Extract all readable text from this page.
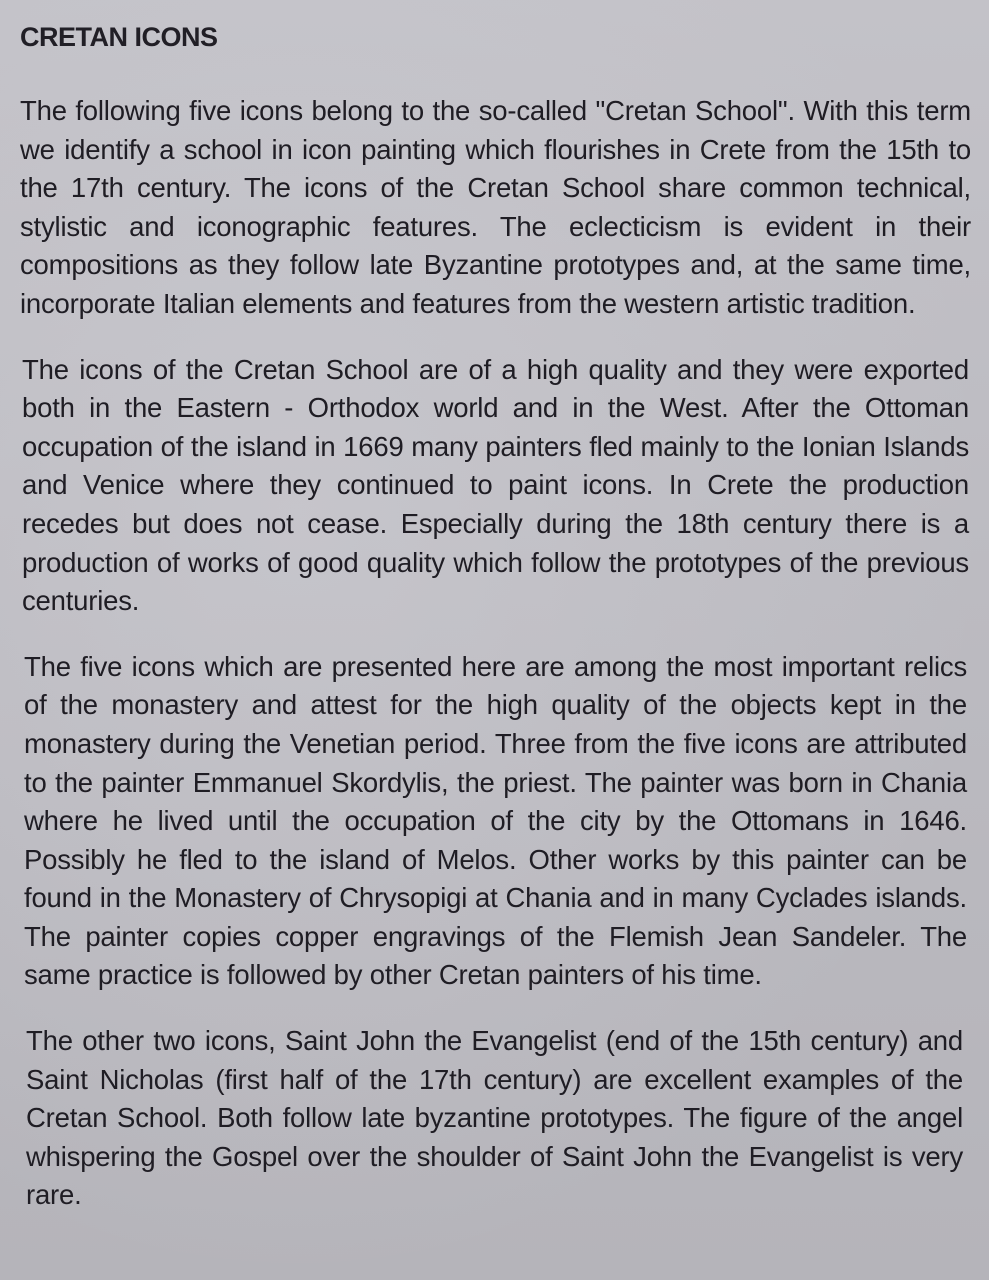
CRETAN ICONS

The following five icons belong to the so-called "Cretan School". With this term we identify a school in icon painting which flourishes in Crete from the 15th to the 17th century. The icons of the Cretan School share common technical, stylistic and iconographic features. The eclecticism is evident in their compositions as they follow late Byzantine prototypes and, at the same time, incorporate Italian elements and features from the western artistic tradition.

The icons of the Cretan School are of a high quality and they were exported both in the Eastern - Orthodox world and in the West. After the Ottoman occupation of the island in 1669 many painters fled mainly to the Ionian Islands and Venice where they continued to paint icons. In Crete the production recedes but does not cease. Especially during the 18th century there is a production of works of good quality which follow the prototypes of the previous centuries.

The five icons which are presented here are among the most important relics of the monastery and attest for the high quality of the objects kept in the monastery during the Venetian period. Three from the five icons are attributed to the painter Emmanuel Skordylis, the priest. The painter was born in Chania where he lived until the occupation of the city by the Ottomans in 1646. Possibly he fled to the island of Melos. Other works by this painter can be found in the Monastery of Chrysopigi at Chania and in many Cyclades islands. The painter copies copper engravings of the Flemish Jean Sandeler. The same practice is followed by other Cretan painters of his time.

The other two icons, Saint John the Evangelist (end of the 15th century) and Saint Nicholas (first half of the 17th century) are excellent examples of the Cretan School. Both follow late byzantine prototypes. The figure of the angel whispering the Gospel over the shoulder of Saint John the Evangelist is very rare.
